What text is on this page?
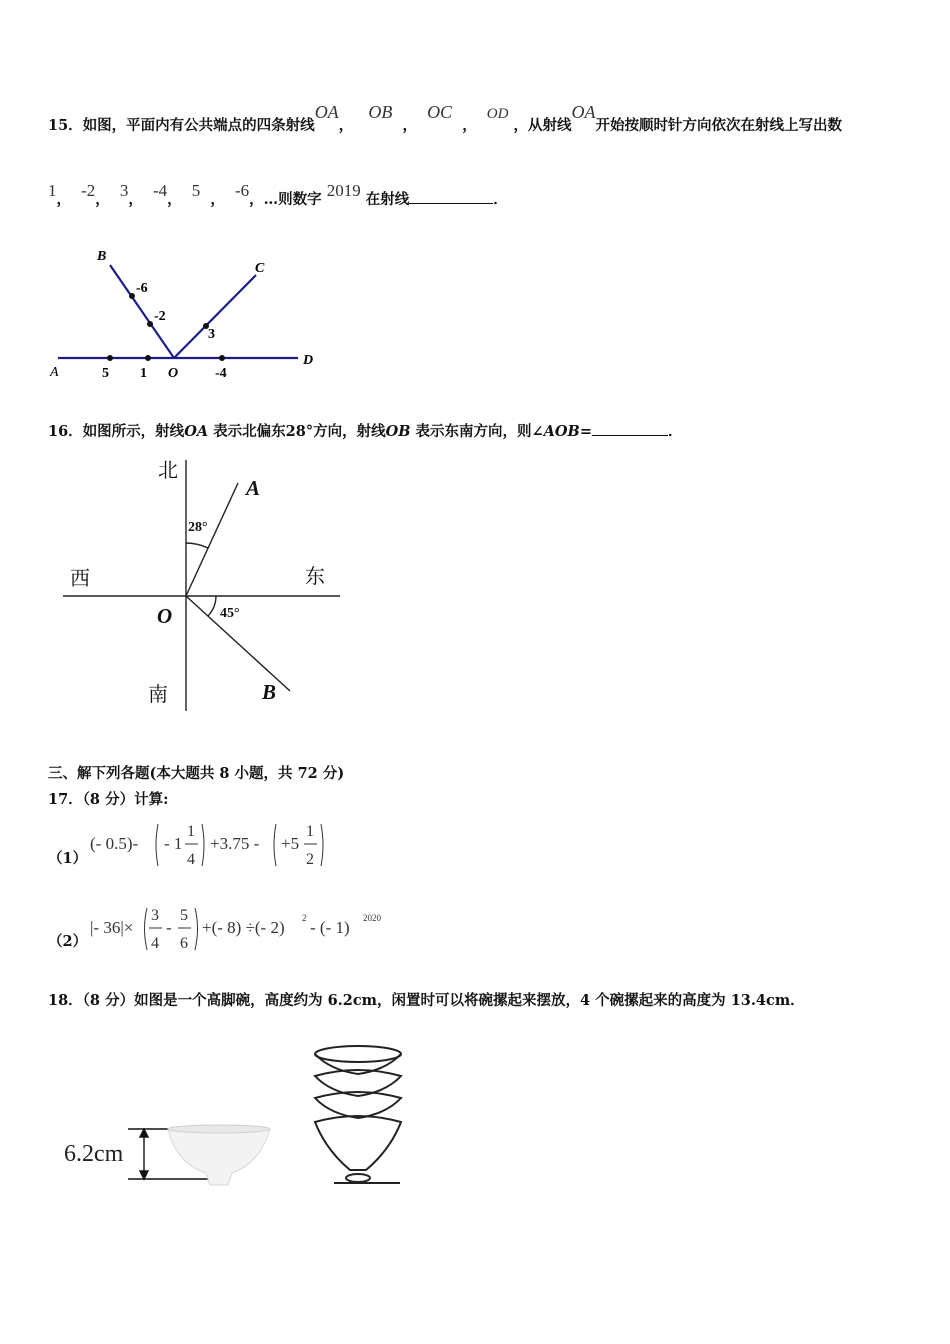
15．如图，平面内有公共端点的四条射线OA，   OB  ，  OC  ，  OD ，从射线OA开始按顺时针方向依次在射线上写出数
1， -2， 3， -4， 5 ， -6，…则数字 2019 在射线	．
B
C
D
A	O
-6
-2
3
5 1	-4
16．如图所示，射线OA 表示北偏东28°方向，射线OB 表示东南方向，则∠AOB=	．
北
南
西	东
A
B
O
28°
45°
三、解下列各题(本大题共 8 小题，共 72 分)
17．（8 分）计算:
（1）
(- 0.5)- - 1
1
4
+3.75 - +5
1
2
（2）
|- 36|×
3
4
-
5
6
+(- 8) ÷(- 2) 2 - (- 1) 2020
18．（8 分）如图是一个高脚碗，高度约为 6.2cm，闲置时可以将碗摞起来摆放，4 个碗摞起来的高度为 13.4cm．
6.2cm
